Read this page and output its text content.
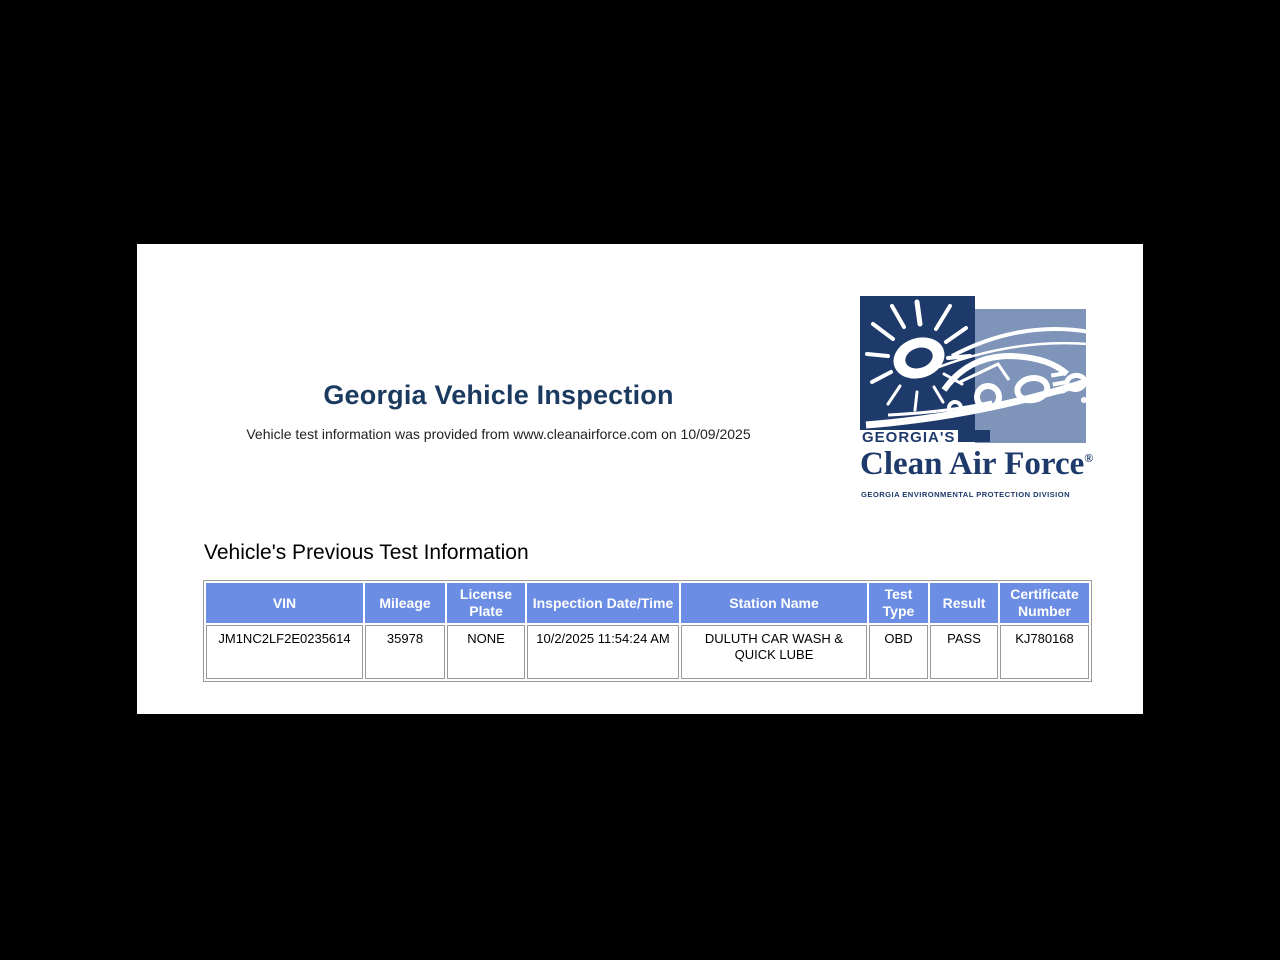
Georgia Vehicle Inspection
Vehicle test information was provided from www.cleanairforce.com on 10/09/2025	GEORGIA'S
Clean Air Force®
GEORGIA ENVIRONMENTAL PROTECTION DIVISION
Vehicle's Previous Test Information
VIN	Mileage	License Plate	Inspection Date/Time	Station Name	Test Type	Result	Certificate Number
JM1NC2LF2E0235614	35978	NONE	10/2/2025 11:54:24 AM	DULUTH CAR WASH & QUICK LUBE	OBD	PASS	KJ780168
